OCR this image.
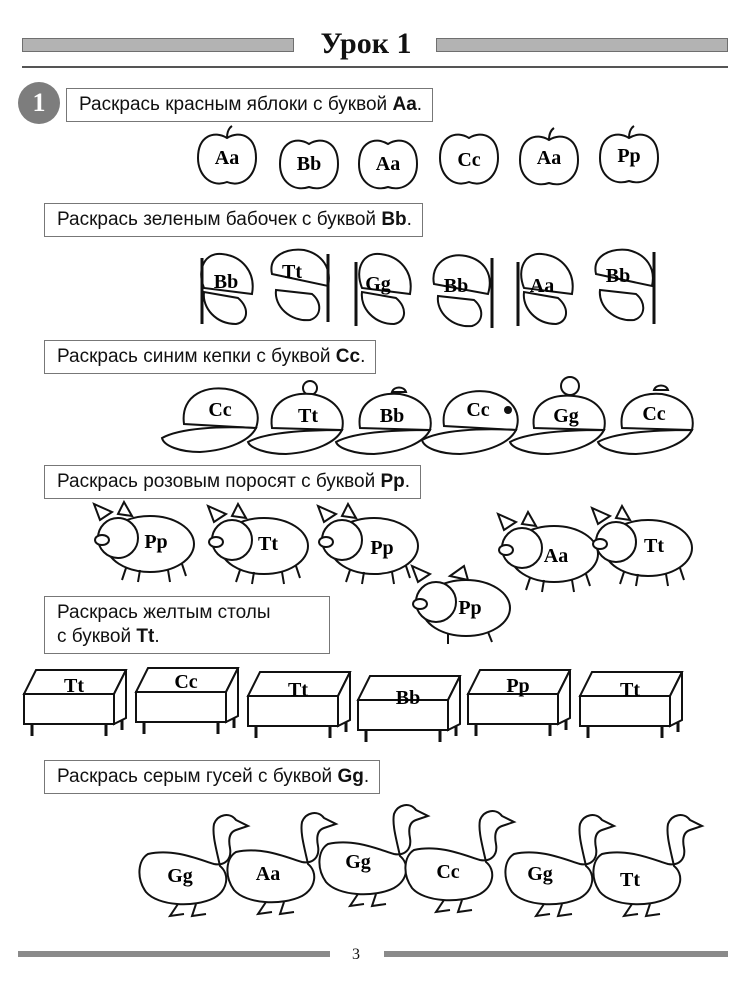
Урок 1
1	Раскрась красным яблоки с буквой Aa.
Раскрась зеленым бабочек с буквой Bb.
Раскрась синим кепки с буквой Cc.
Раскрась розовым поросят с буквой Pp.
Раскрась желтым столы
с буквой Tt.
Раскрась серым гусей с буквой Gg.
Aa	Bb	Aa	Cc	Aa	Pp
Bb Tt
Gg	Bb	Aa	Bb
Cc	Tt	Bb	Cc	Gg	Cc
Pp	Tt	Pp
Pp
Aa	Tt
Tt	Cc	Tt	Bb
Pp	Tt
Gg	Aa
Gg	Cc	Gg	Tt
3
